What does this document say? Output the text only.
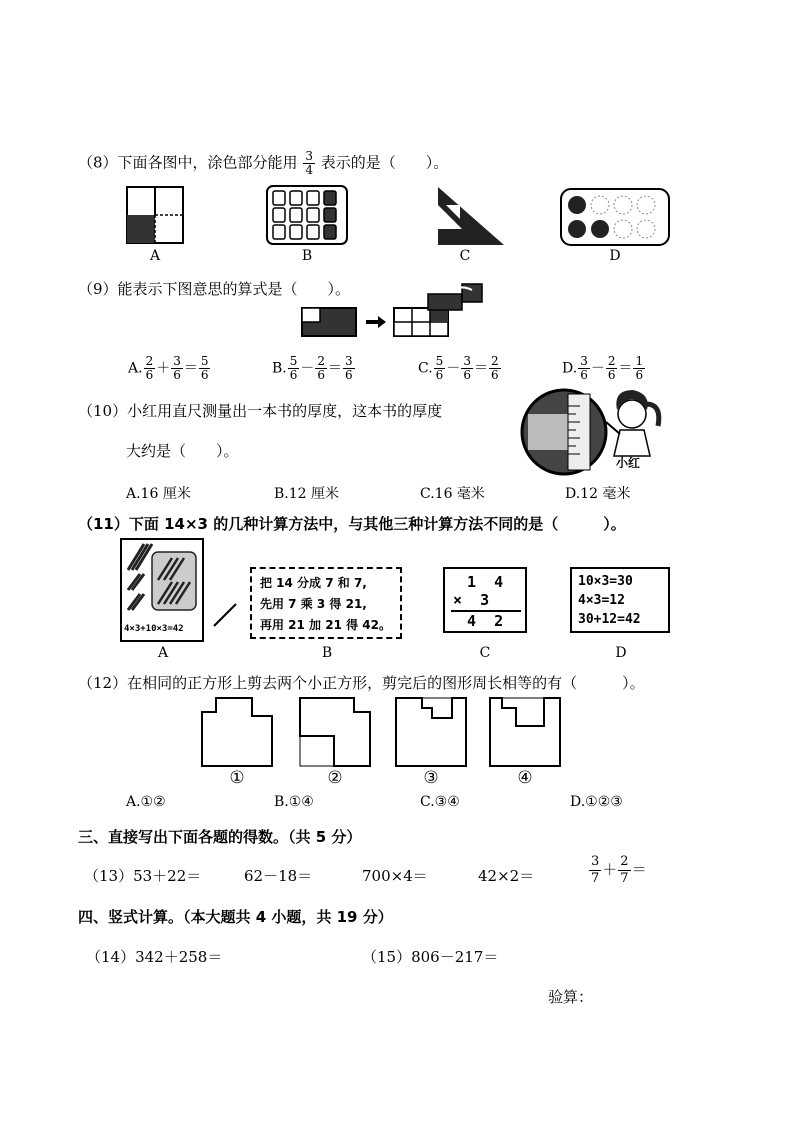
（8）下面各图中，涂色部分能用 $\frac{3}{4}$ 表示的是（　　）。
A	B	C	D
（9）能表示下图意思的算式是（　　）。
A. $\frac{2}{6} + \frac{3}{6} = \frac{5}{6}$	B. $\frac{5}{6} - \frac{2}{6} = \frac{3}{6}$	C. $\frac{5}{6} - \frac{3}{6} = \frac{2}{6}$	D. $\frac{3}{6} - \frac{2}{6} = \frac{1}{6}$
（10）小红用直尺测量出一本书的厚度，这本书的厚度
大约是（　　）。
小红
A.16 厘米	B.12 厘米	C.16 毫米	D.12 毫米
（11）下面 14×3 的几种计算方法中，与其他三种计算方法不同的是（　　　）。
4×3+10×3=42
把 14 分成 7 和 7,
先用 7 乘 3 得 21,
再用 21 加 21 得 42。
1  4
×  3
4  2
10×3=30
4×3=12
30+12=42
A	B	C	D
（12）在相同的正方形上剪去两个小正方形，剪完后的图形周长相等的有（　　　）。
①	②	③	④
A.①②	B.①④	C.③④	D.①②③
三、直接写出下面各题的得数。（共 5 分）
（13）53＋22＝	62－18＝	700×4＝	42×2＝	$\frac{3}{7} + \frac{2}{7}$ ＝
四、竖式计算。（本大题共 4 小题，共 19 分）
（14）342＋258＝	（15）806－217＝
验算：
